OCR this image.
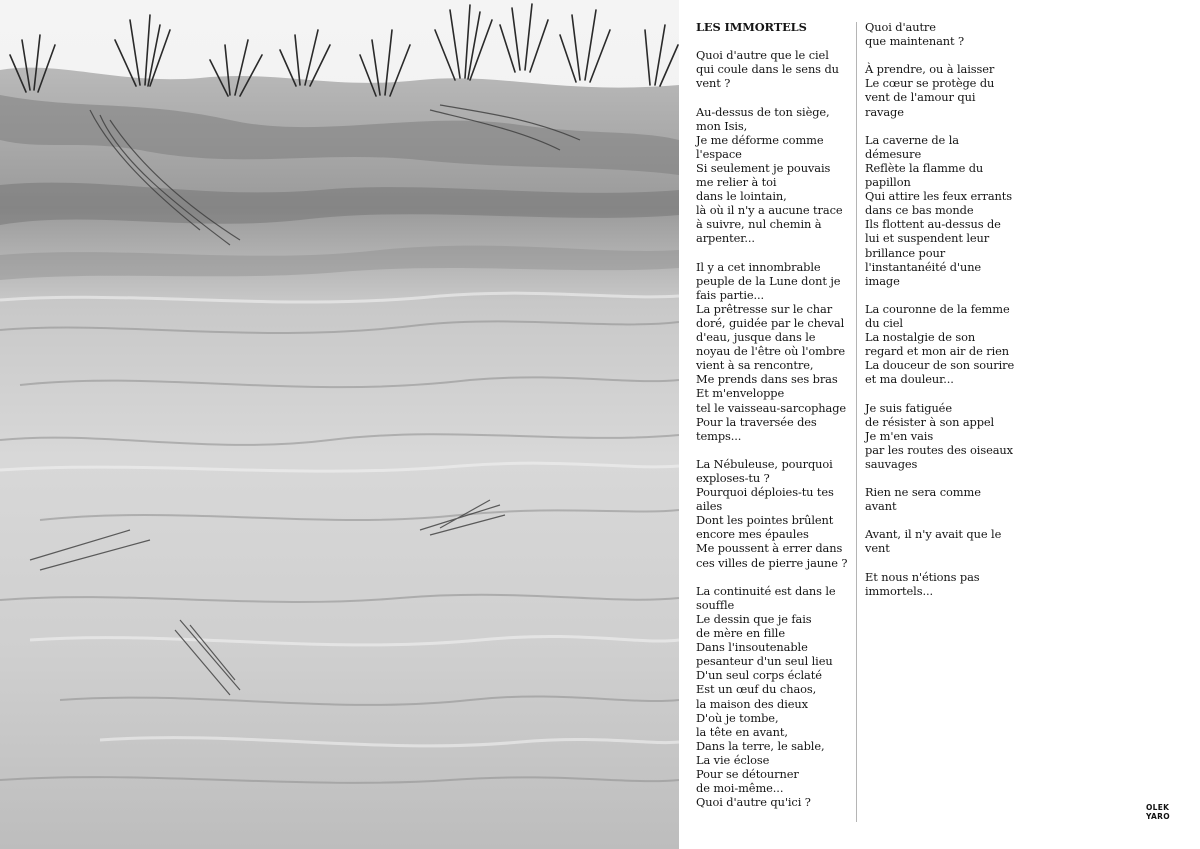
LES IMMORTELS
Quoi d'autre que le ciel
qui coule dans le sens du
vent ?
Au-dessus de ton siège,
mon Isis,
Je me déforme comme
l'espace
Si seulement je pouvais
me relier à toi
dans le lointain,
là où il n'y a aucune trace
à suivre, nul chemin à
arpenter...
Il y a cet innombrable
peuple de la Lune dont je
fais partie...
La prêtresse sur le char
doré, guidée par le cheval
d'eau, jusque dans le
noyau de l'être où l'ombre
vient à sa rencontre,
Me prends dans ses bras
Et m'enveloppe
tel le vaisseau-sarcophage
Pour la traversée des
temps...
La Nébuleuse, pourquoi
exploses-tu ?
Pourquoi déploies-tu tes
ailes
Dont les pointes brûlent
encore mes épaules
Me poussent à errer dans
ces villes de pierre jaune ?
La continuité est dans le
souffle
Le dessin que je fais
de mère en fille
Dans l'insoutenable
pesanteur d'un seul lieu
D'un seul corps éclaté
Est un œuf du chaos,
la maison des dieux
D'où je tombe,
la tête en avant,
Dans la terre, le sable,
La vie éclose
Pour se détourner
de moi-même...
Quoi d'autre qu'ici ?
Quoi d'autre
que maintenant ?
À prendre, ou à laisser
Le cœur se protège du
vent de l'amour qui
ravage
La caverne de la
démesure
Reflète la flamme du
papillon
Qui attire les feux errants
dans ce bas monde
Ils flottent au-dessus de
lui et suspendent leur
brillance pour
l'instantanéité d'une
image
La couronne de la femme
du ciel
La nostalgie de son
regard et mon air de rien
La douceur de son sourire
et ma douleur...
Je suis fatiguée
de résister à son appel
Je m'en vais
par les routes des oiseaux
sauvages
Rien ne sera comme
avant
Avant, il n'y avait que le
vent
Et nous n'étions pas
immortels...
OLEK
YARO
